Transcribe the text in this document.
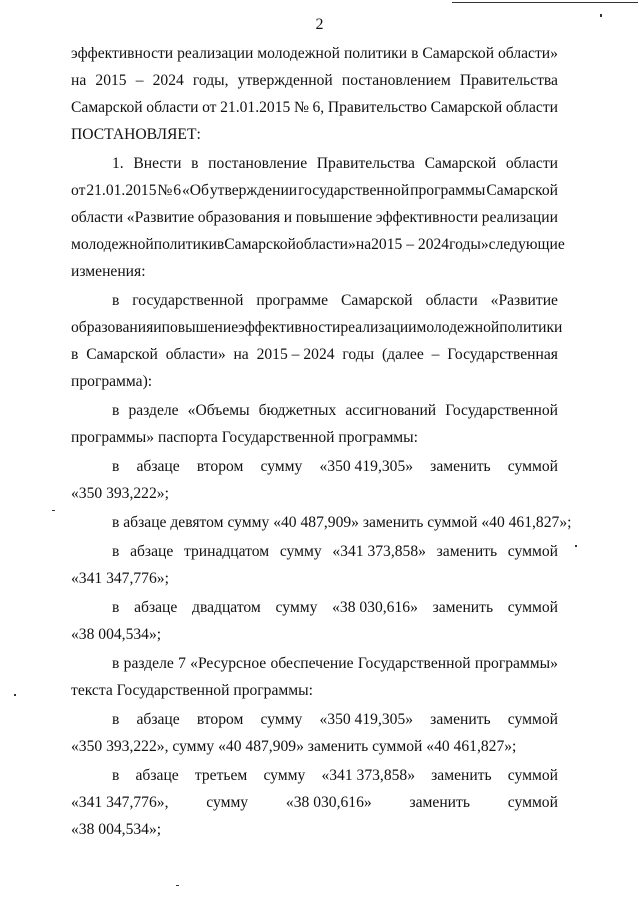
2
эффективности реализации молодежной политики в Самарской области»
на 2015 – 2024 годы, утвержденной постановлением Правительства
Самарской области от 21.01.2015 № 6, Правительство Самарской области
ПОСТАНОВЛЯЕТ:
1. Внести в постановление Правительства Самарской области
от 21.01.2015 № 6 «Об утверждении государственной программы Самарской
области «Развитие образования и повышение эффективности реализации
молодежной политики в Самарской области» на 2015 – 2024 годы» следующие
изменения:
в государственной программе Самарской области «Развитие
образования и повышение эффективности реализации молодежной политики
в Самарской области» на 2015 – 2024 годы (далее – Государственная
программа):
в разделе «Объемы бюджетных ассигнований Государственной
программы» паспорта Государственной программы:
в абзаце втором сумму «350 419,305» заменить суммой
«350 393,222»;
в абзаце девятом сумму «40 487,909» заменить суммой «40 461,827»;
в абзаце тринадцатом сумму «341 373,858» заменить суммой
«341 347,776»;
в абзаце двадцатом сумму «38 030,616» заменить суммой
«38 004,534»;
в разделе 7 «Ресурсное обеспечение Государственной программы»
текста Государственной программы:
в абзаце втором сумму «350 419,305» заменить суммой
«350 393,222», сумму «40 487,909» заменить суммой «40 461,827»;
в абзаце третьем сумму «341 373,858» заменить суммой
«341 347,776», сумму «38 030,616» заменить суммой
«38 004,534»;
